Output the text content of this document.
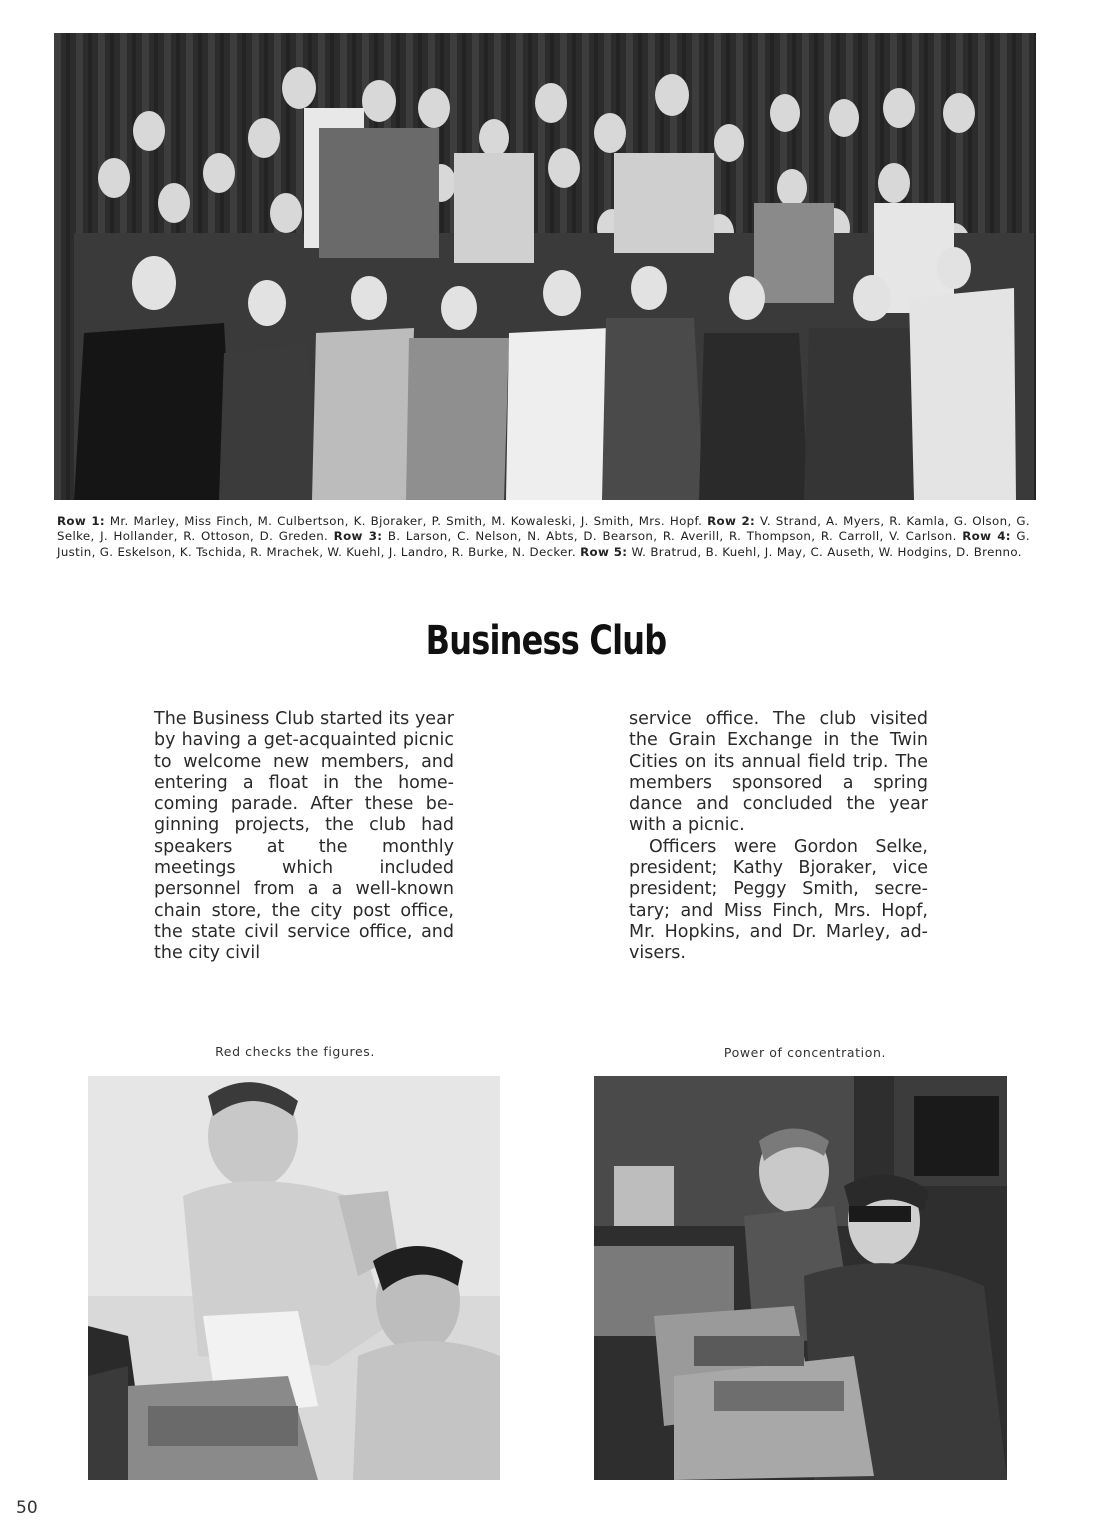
Row 1: Mr. Marley, Miss Finch, M. Culbertson, K. Bjoraker, P. Smith, M. Kowaleski, J. Smith, Mrs. Hopf. Row 2: V. Strand, A. Myers, R. Kamla, G. Olson, G. Selke, J. Hollander, R. Ottoson, D. Greden. Row 3: B. Larson, C. Nelson, N. Abts, D. Bearson, R. Averill, R. Thompson, R. Carroll, V. Carlson. Row 4: G. Justin, G. Eskelson, K. Tschida, R. Mrachek, W. Kuehl, J. Landro, R. Burke, N. Decker. Row 5: W. Bratrud, B. Kuehl, J. May, C. Auseth, W. Hodgins, D. Brenno.
Business Club

The Business Club started its year by having a get-acquainted picnic to welcome new members, and entering a float in the home-coming parade. After these be-ginning projects, the club had speakers at the monthly meetings which included personnel from a a well-known chain store, the city post office, the state civil service office, and the city civil

service office. The club visited the Grain Exchange in the Twin Cities on its annual field trip. The members sponsored a spring dance and concluded the year with a picnic.

Officers were Gordon Selke, president; Kathy Bjoraker, vice president; Peggy Smith, secre-tary; and Miss Finch, Mrs. Hopf, Mr. Hopkins, and Dr. Marley, ad-visers.

Red checks the figures.	Power of concentration.
50
